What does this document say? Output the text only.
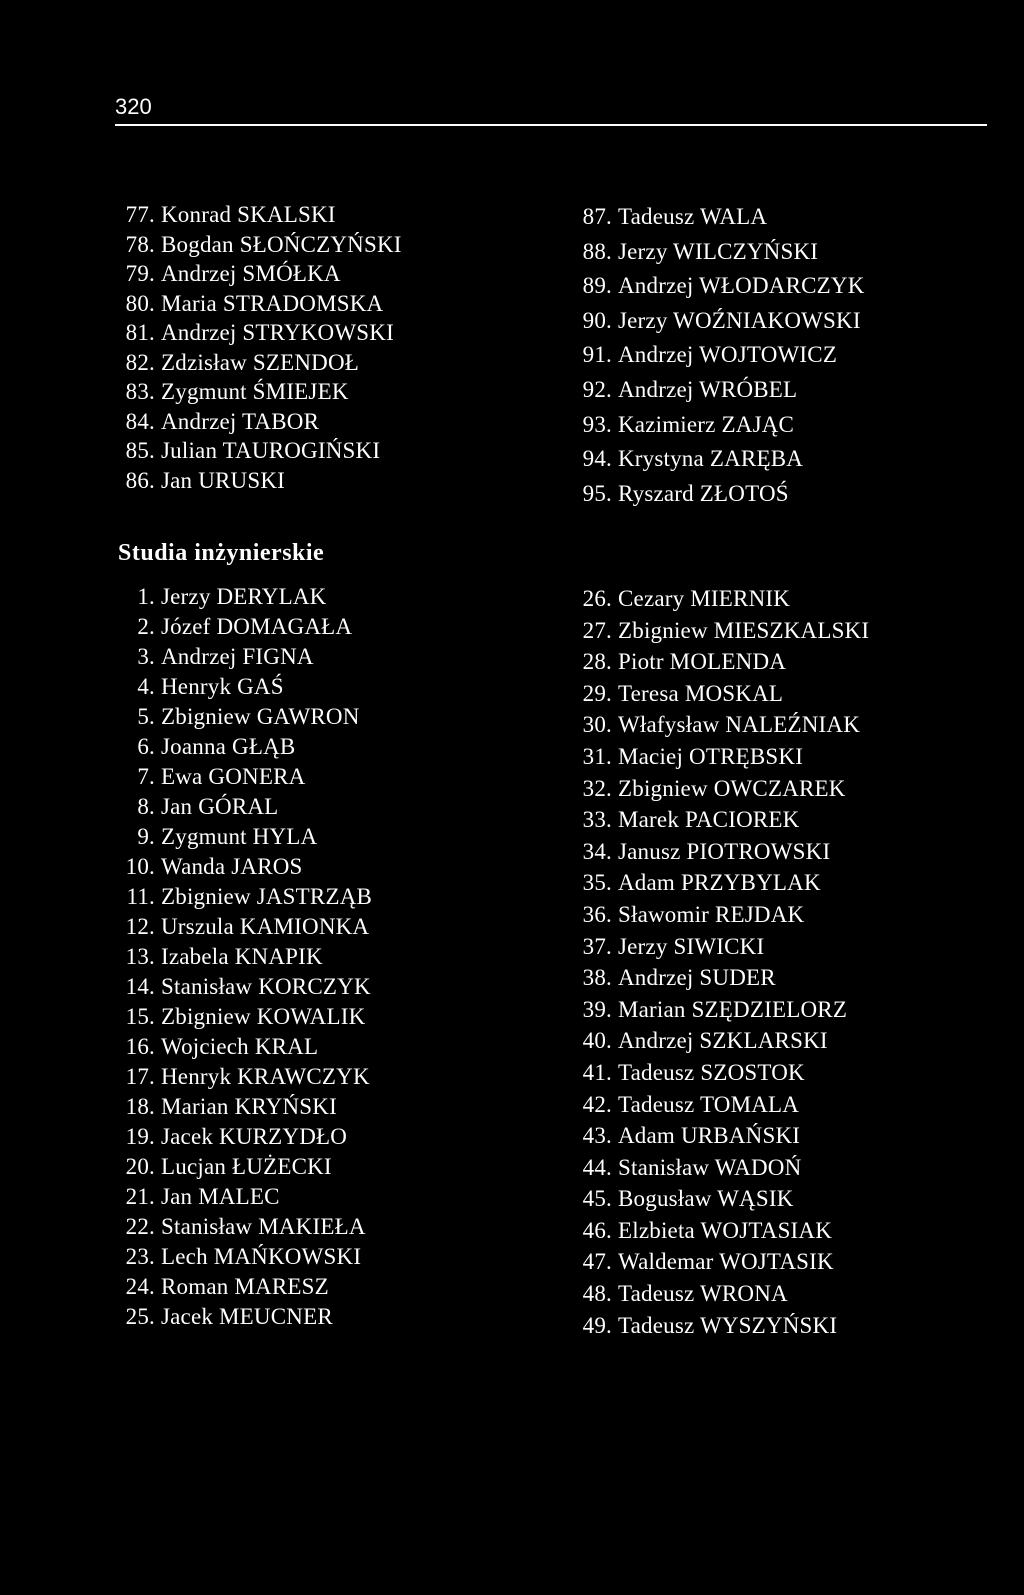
320
77. Konrad SKALSKI
78. Bogdan SŁOŃCZYŃSKI
79. Andrzej SMÓŁKA
80. Maria STRADOMSKA
81. Andrzej STRYKOWSKI
82. Zdzisław SZENDOŁ
83. Zygmunt ŚMIEJEK
84. Andrzej TABOR
85. Julian TAUROGIŃSKI
86. Jan URUSKI
87. Tadeusz WALA
88. Jerzy WILCZYŃSKI
89. Andrzej WŁODARCZYK
90. Jerzy WOŹNIAKOWSKI
91. Andrzej WOJTOWICZ
92. Andrzej WRÓBEL
93. Kazimierz ZAJĄC
94. Krystyna ZARĘBA
95. Ryszard ZŁOTOŚ
Studia inżynierskie
1. Jerzy DERYLAK
2. Józef DOMAGAŁA
3. Andrzej FIGNA
4. Henryk GAŚ
5. Zbigniew GAWRON
6. Joanna GŁĄB
7. Ewa GONERA
8. Jan GÓRAL
9. Zygmunt HYLA
10. Wanda JAROS
11. Zbigniew JASTRZĄB
12. Urszula KAMIONKA
13. Izabela KNAPIK
14. Stanisław KORCZYK
15. Zbigniew KOWALIK
16. Wojciech KRAL
17. Henryk KRAWCZYK
18. Marian KRYŃSKI
19. Jacek KURZYDŁO
20. Lucjan ŁUŻECKI
21. Jan MALEC
22. Stanisław MAKIEŁA
23. Lech MAŃKOWSKI
24. Roman MARESZ
25. Jacek MEUCNER
26. Cezary MIERNIK
27. Zbigniew MIESZKALSKI
28. Piotr MOLENDA
29. Teresa MOSKAL
30. Włafysław NALEŹNIAK
31. Maciej OTRĘBSKI
32. Zbigniew OWCZAREK
33. Marek PACIOREK
34. Janusz PIOTROWSKI
35. Adam PRZYBYLAK
36. Sławomir REJDAK
37. Jerzy SIWICKI
38. Andrzej SUDER
39. Marian SZĘDZIELORZ
40. Andrzej SZKLARSKI
41. Tadeusz SZOSTOK
42. Tadeusz TOMALA
43. Adam URBAŃSKI
44. Stanisław WADOŃ
45. Bogusław WĄSIK
46. Elzbieta WOJTASIAK
47. Waldemar WOJTASIK
48. Tadeusz WRONA
49. Tadeusz WYSZYŃSKI
